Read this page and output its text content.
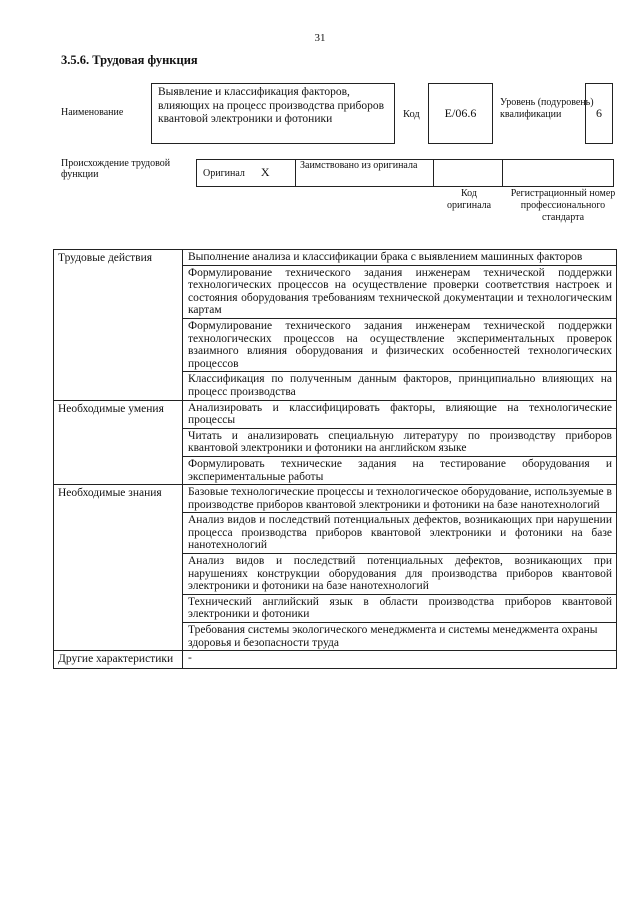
31
3.5.6. Трудовая функция
Наименование
Выявление и классификация факторов, влияющих на процесс производства приборов квантовой электроники и фотоники	Код	E/06.6
Уровень (подуровень) квалификации	6
Происхождение трудовой функции	Оригинал X	Заимствовано из оригинала		
Код оригинала
Регистрационный номер профессионального стандарта
Трудовые действия	Выполнение анализа и классификации брака с выявлением машинных факторов
	Формулирование технического задания инженерам технической поддержки технологических процессов на осуществление проверки соответствия настроек и состояния оборудования требованиям технической документации и технологическим картам
	Формулирование технического задания инженерам технической поддержки технологических процессов на осуществление экспериментальных проверок взаимного влияния оборудования и физических особенностей технологических процессов
	Классификация по полученным данным факторов, принципиально влияющих на процесс производства
Необходимые умения	Анализировать и классифицировать факторы, влияющие на технологические процессы
	Читать и анализировать специальную литературу по производству приборов квантовой электроники и фотоники на английском языке
	Формулировать технические задания на тестирование оборудования и экспериментальные работы
Необходимые знания	Базовые технологические процессы и технологическое оборудование, используемые в производстве приборов квантовой электроники и фотоники на базе нанотехнологий
	Анализ видов и последствий потенциальных дефектов, возникающих при нарушении процесса производства приборов квантовой электроники и фотоники на базе нанотехнологий
	Анализ видов и последствий потенциальных дефектов, возникающих при нарушениях конструкции оборудования для производства приборов квантовой электроники и фотоники на базе нанотехнологий
	Технический английский язык в области производства приборов квантовой электроники и фотоники
	Требования системы экологического менеджмента и системы менеджмента охраны здоровья и безопасности труда
Другие характеристики	-
